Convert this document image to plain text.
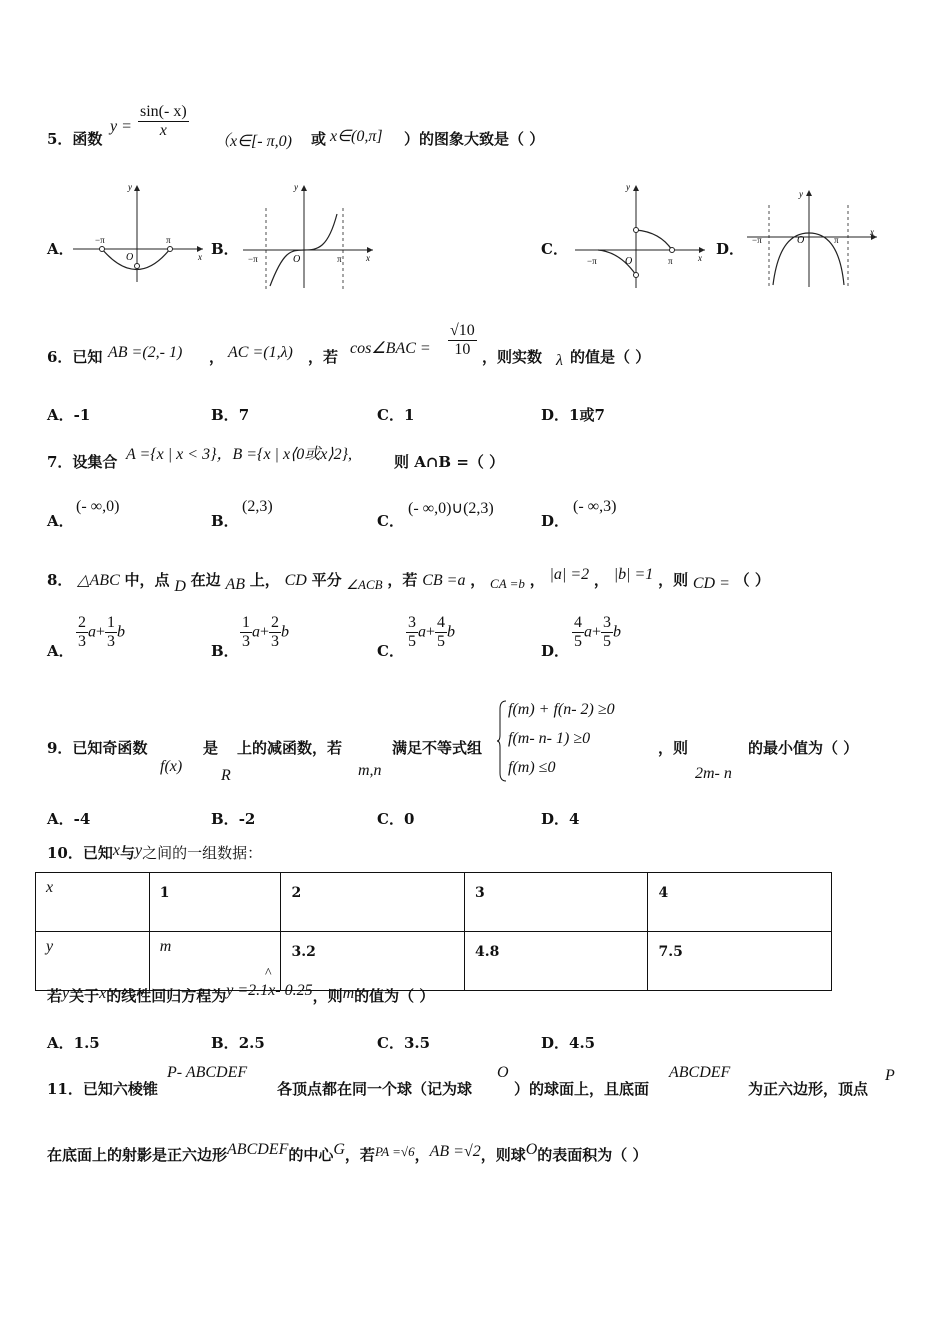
5．函数
$y = \frac{\sin(- x)}{x}$
（x∈[- π,0) 或 x∈(0,π] ）的图象大致是（ ）
A．	B．	C．	D．
y
x
O
−π	π
y
x
O
−π	π
y
x
O
−π	π
y
x
O
−π	π
6．已知 AB =(2,- 1) ， AC =(1,λ) ，若 cos∠BAC = $\frac{√10}{10}$ ，则实数 λ 的值是（ ）
A．-1	B．7	C．1	D．1或7
7．设集合 A ={x | x < 3}，B ={x | x⟨0或x⟩2},	则 A∩B =（ ）
A．
(- ∞,0)
B．
(2,3)
C．
(- ∞,0)∪(2,3)
D．
(- ∞,3)
8． △ABC 中，点 D 在边 AB 上， CD 平分 ∠ACB ，若 CB =a ， CA =b ， |a| =2 ， |b| =1 ，则 CD = （ ）
A． $\frac{2}{3} a+ \frac{1}{3}$ b
B． $\frac{1}{3} a+ \frac{2}{3}$ b
C． $\frac{3}{5} a+ \frac{4}{5}$ b
D． $\frac{4}{5} a+ \frac{3}{5}$ b
9．已知奇函数
f(x)
是
R
上的减函数，若
m,n
满足不等式组
f(m) + f(n- 2) ≥0
f(m- n- 1) ≥0
f(m) ≤0
，则
2m- n
的最小值为（ ）
A．-4	B．-2	C．0	D．4
10．已知x与y之间的一组数据：
x	1	2	3	4
y	m	3.2	4.8	7.5
若y关于x的线性回归方程为y =2.1x- 0.25，则m的值为（ ）
^
A．1.5	B．2.5	C．3.5	D．4.5
11．已知六棱锥
P- ABCDEF
各顶点都在同一个球（记为球
O
）的球面上，且底面
ABCDEF
为正六边形，顶点
P
在底面上的射影是正六边形ABCDEF的中心G，若PA =√6，AB =√2，则球O的表面积为（ ）
